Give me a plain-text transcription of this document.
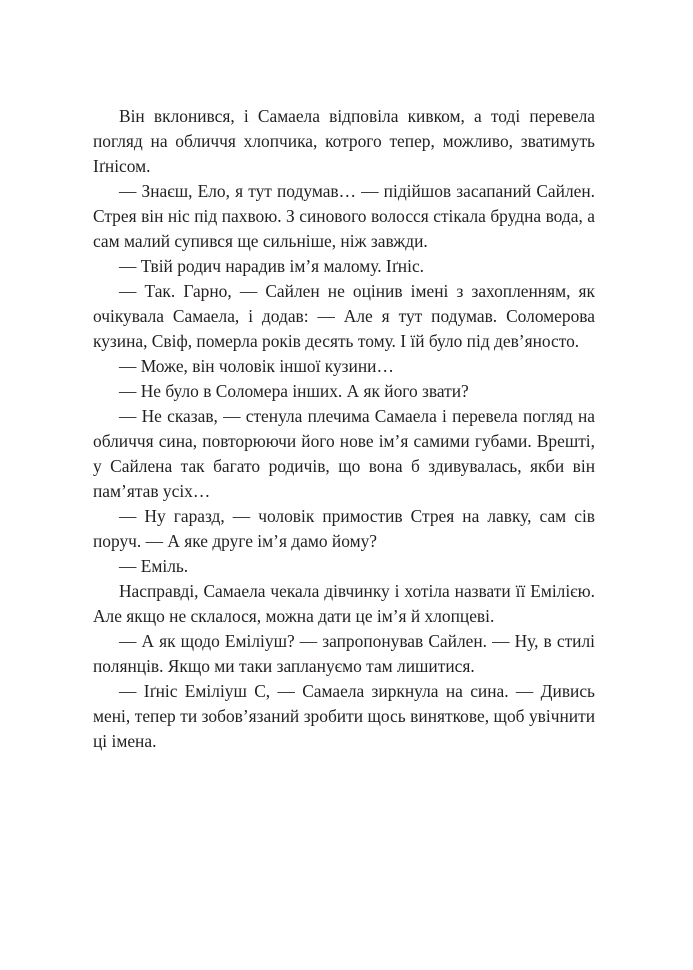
Він вклонився, і Самаела відповіла кивком, а тоді перевела погляд на обличчя хлопчика, котрого тепер, можливо, зватимуть Іґнісом.

— Знаєш, Ело, я тут подумав… — підійшов засапаний Сайлен. Стрея він ніс під пахвою. З синового волосся стікала брудна вода, а сам малий супився ще сильніше, ніж завжди.

— Твій родич нарадив ім’я малому. Іґніс.

— Так. Гарно, — Сайлен не оцінив імені з захопленням, як очікувала Самаела, і додав: — Але я тут подумав. Соломерова кузина, Свіф, померла років десять тому. І їй було під дев’яносто.

— Може, він чоловік іншої кузини…

— Не було в Соломера інших. А як його звати?

— Не сказав, — стенула плечима Самаела і перевела погляд на обличчя сина, повторюючи його нове ім’я самими губами. Врешті, у Сайлена так багато родичів, що вона б здивувалась, якби він пам’ятав усіх…

— Ну гаразд, — чоловік примостив Стрея на лавку, сам сів поруч. — А яке друге ім’я дамо йому?

— Еміль.

Насправді, Самаела чекала дівчинку і хотіла назвати її Емілією. Але якщо не склалося, можна дати це ім’я й хлопцеві.

— А як щодо Еміліуш? — запропонував Сайлен. — Ну, в стилі полянців. Якщо ми таки заплануємо там лишитися.

— Іґніс Еміліуш С, — Самаела зиркнула на сина. — Дивись мені, тепер ти зобов’язаний зробити щось виняткове, щоб увічнити ці імена.
